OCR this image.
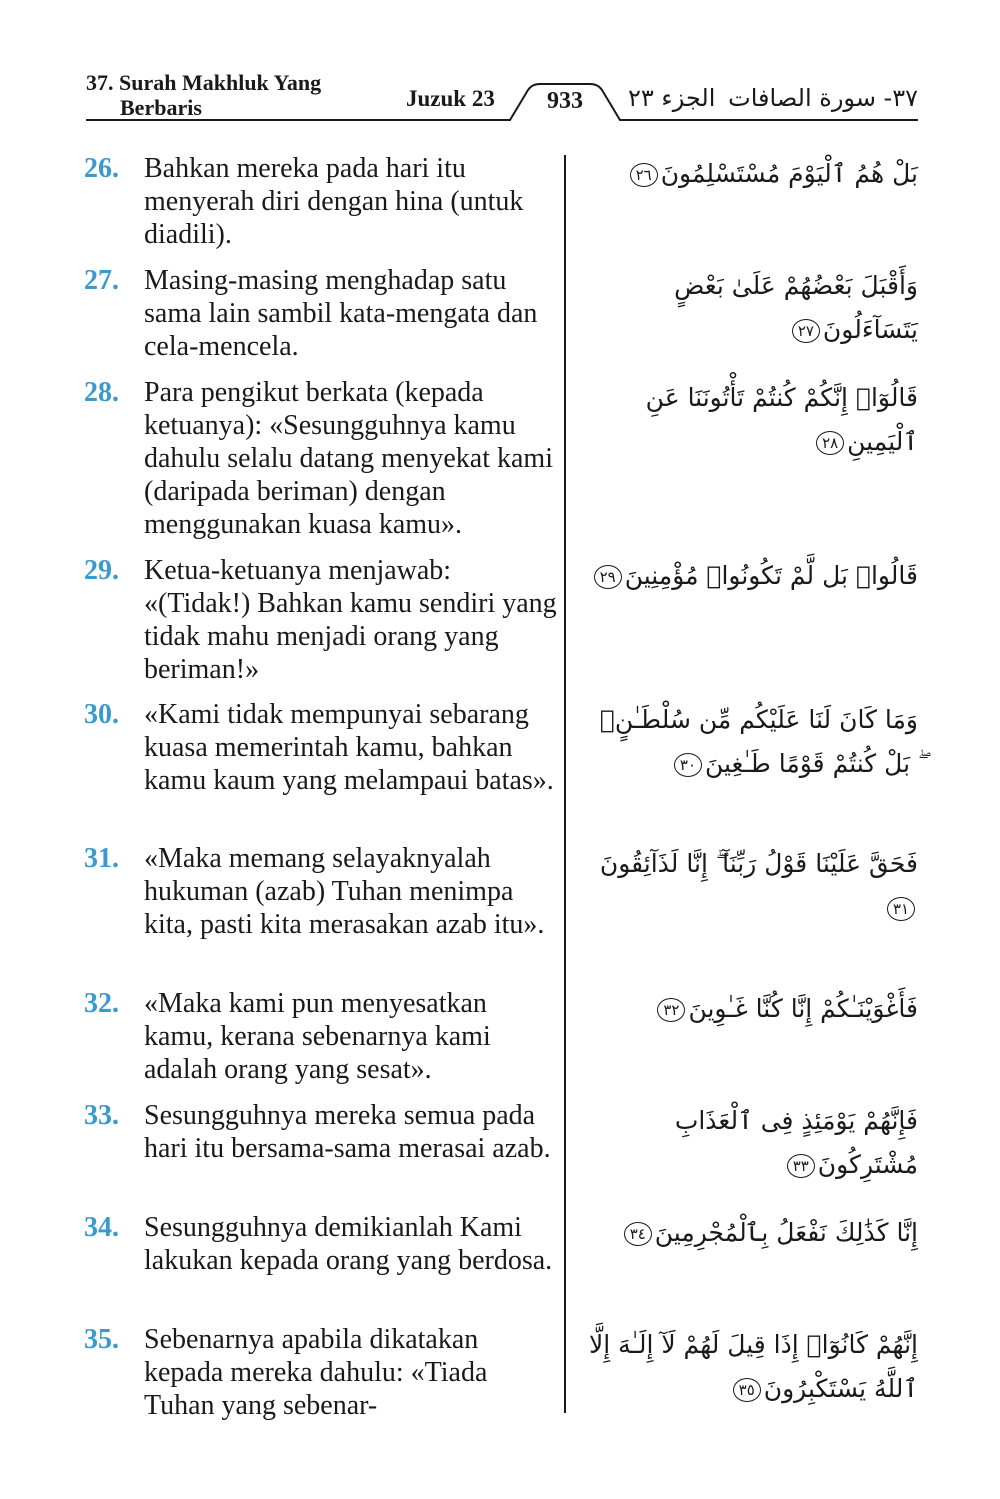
37. Surah Makhluk Yang
Berbaris	Juzuk 23	933	الجزء ٢٣ ٣٧- سورة الصافات
26. Bahkan mereka pada hari itu menyerah diri dengan hina (untuk diadili).
بَلْ هُمُ ٱلْيَوْمَ مُسْتَسْلِمُونَ٢٦
27. Masing-masing menghadap satu sama lain sambil kata-mengata dan cela-mencela.
وَأَقْبَلَ بَعْضُهُمْ عَلَىٰ بَعْضٍ يَتَسَآءَلُونَ٢٧
28. Para pengikut berkata (kepada ketuanya): «Sesungguhnya kamu dahulu selalu datang menyekat kami (daripada beriman) dengan menggunakan kuasa kamu».
قَالُوٓا۟ إِنَّكُمْ كُنتُمْ تَأْتُونَنَا عَنِ ٱلْيَمِينِ٢٨
29. Ketua-ketuanya menjawab: «(Tidak!) Bahkan kamu sendiri yang tidak mahu menjadi orang yang beriman!»
قَالُوا۟ بَل لَّمْ تَكُونُوا۟ مُؤْمِنِينَ٢٩
30. «Kami tidak mempunyai sebarang kuasa memerintah kamu, bahkan kamu kaum yang melampaui batas».
وَمَا كَانَ لَنَا عَلَيْكُم مِّن سُلْطَـٰنٍۭ ۖ بَلْ كُنتُمْ قَوْمًا طَـٰغِينَ٣٠
31. «Maka memang selayaknyalah hukuman (azab) Tuhan menimpa kita, pasti kita merasakan azab itu».
فَحَقَّ عَلَيْنَا قَوْلُ رَبِّنَآ ۖ إِنَّا لَذَآئِقُونَ٣١
32. «Maka kami pun menyesatkan kamu, kerana sebenarnya kami adalah orang yang sesat».
فَأَغْوَيْنَـٰكُمْ إِنَّا كُنَّا غَـٰوِينَ٣٢
33. Sesungguhnya mereka semua pada hari itu bersama-sama merasai azab.
فَإِنَّهُمْ يَوْمَئِذٍ فِى ٱلْعَذَابِ مُشْتَرِكُونَ٣٣
34. Sesungguhnya demikianlah Kami lakukan kepada orang yang berdosa.
إِنَّا كَذَٰلِكَ نَفْعَلُ بِٱلْمُجْرِمِينَ٣٤
35. Sebenarnya apabila dikatakan kepada mereka dahulu: «Tiada Tuhan yang sebenar-
إِنَّهُمْ كَانُوٓا۟ إِذَا قِيلَ لَهُمْ لَآ إِلَـٰهَ إِلَّا ٱللَّهُ يَسْتَكْبِرُونَ٣٥
